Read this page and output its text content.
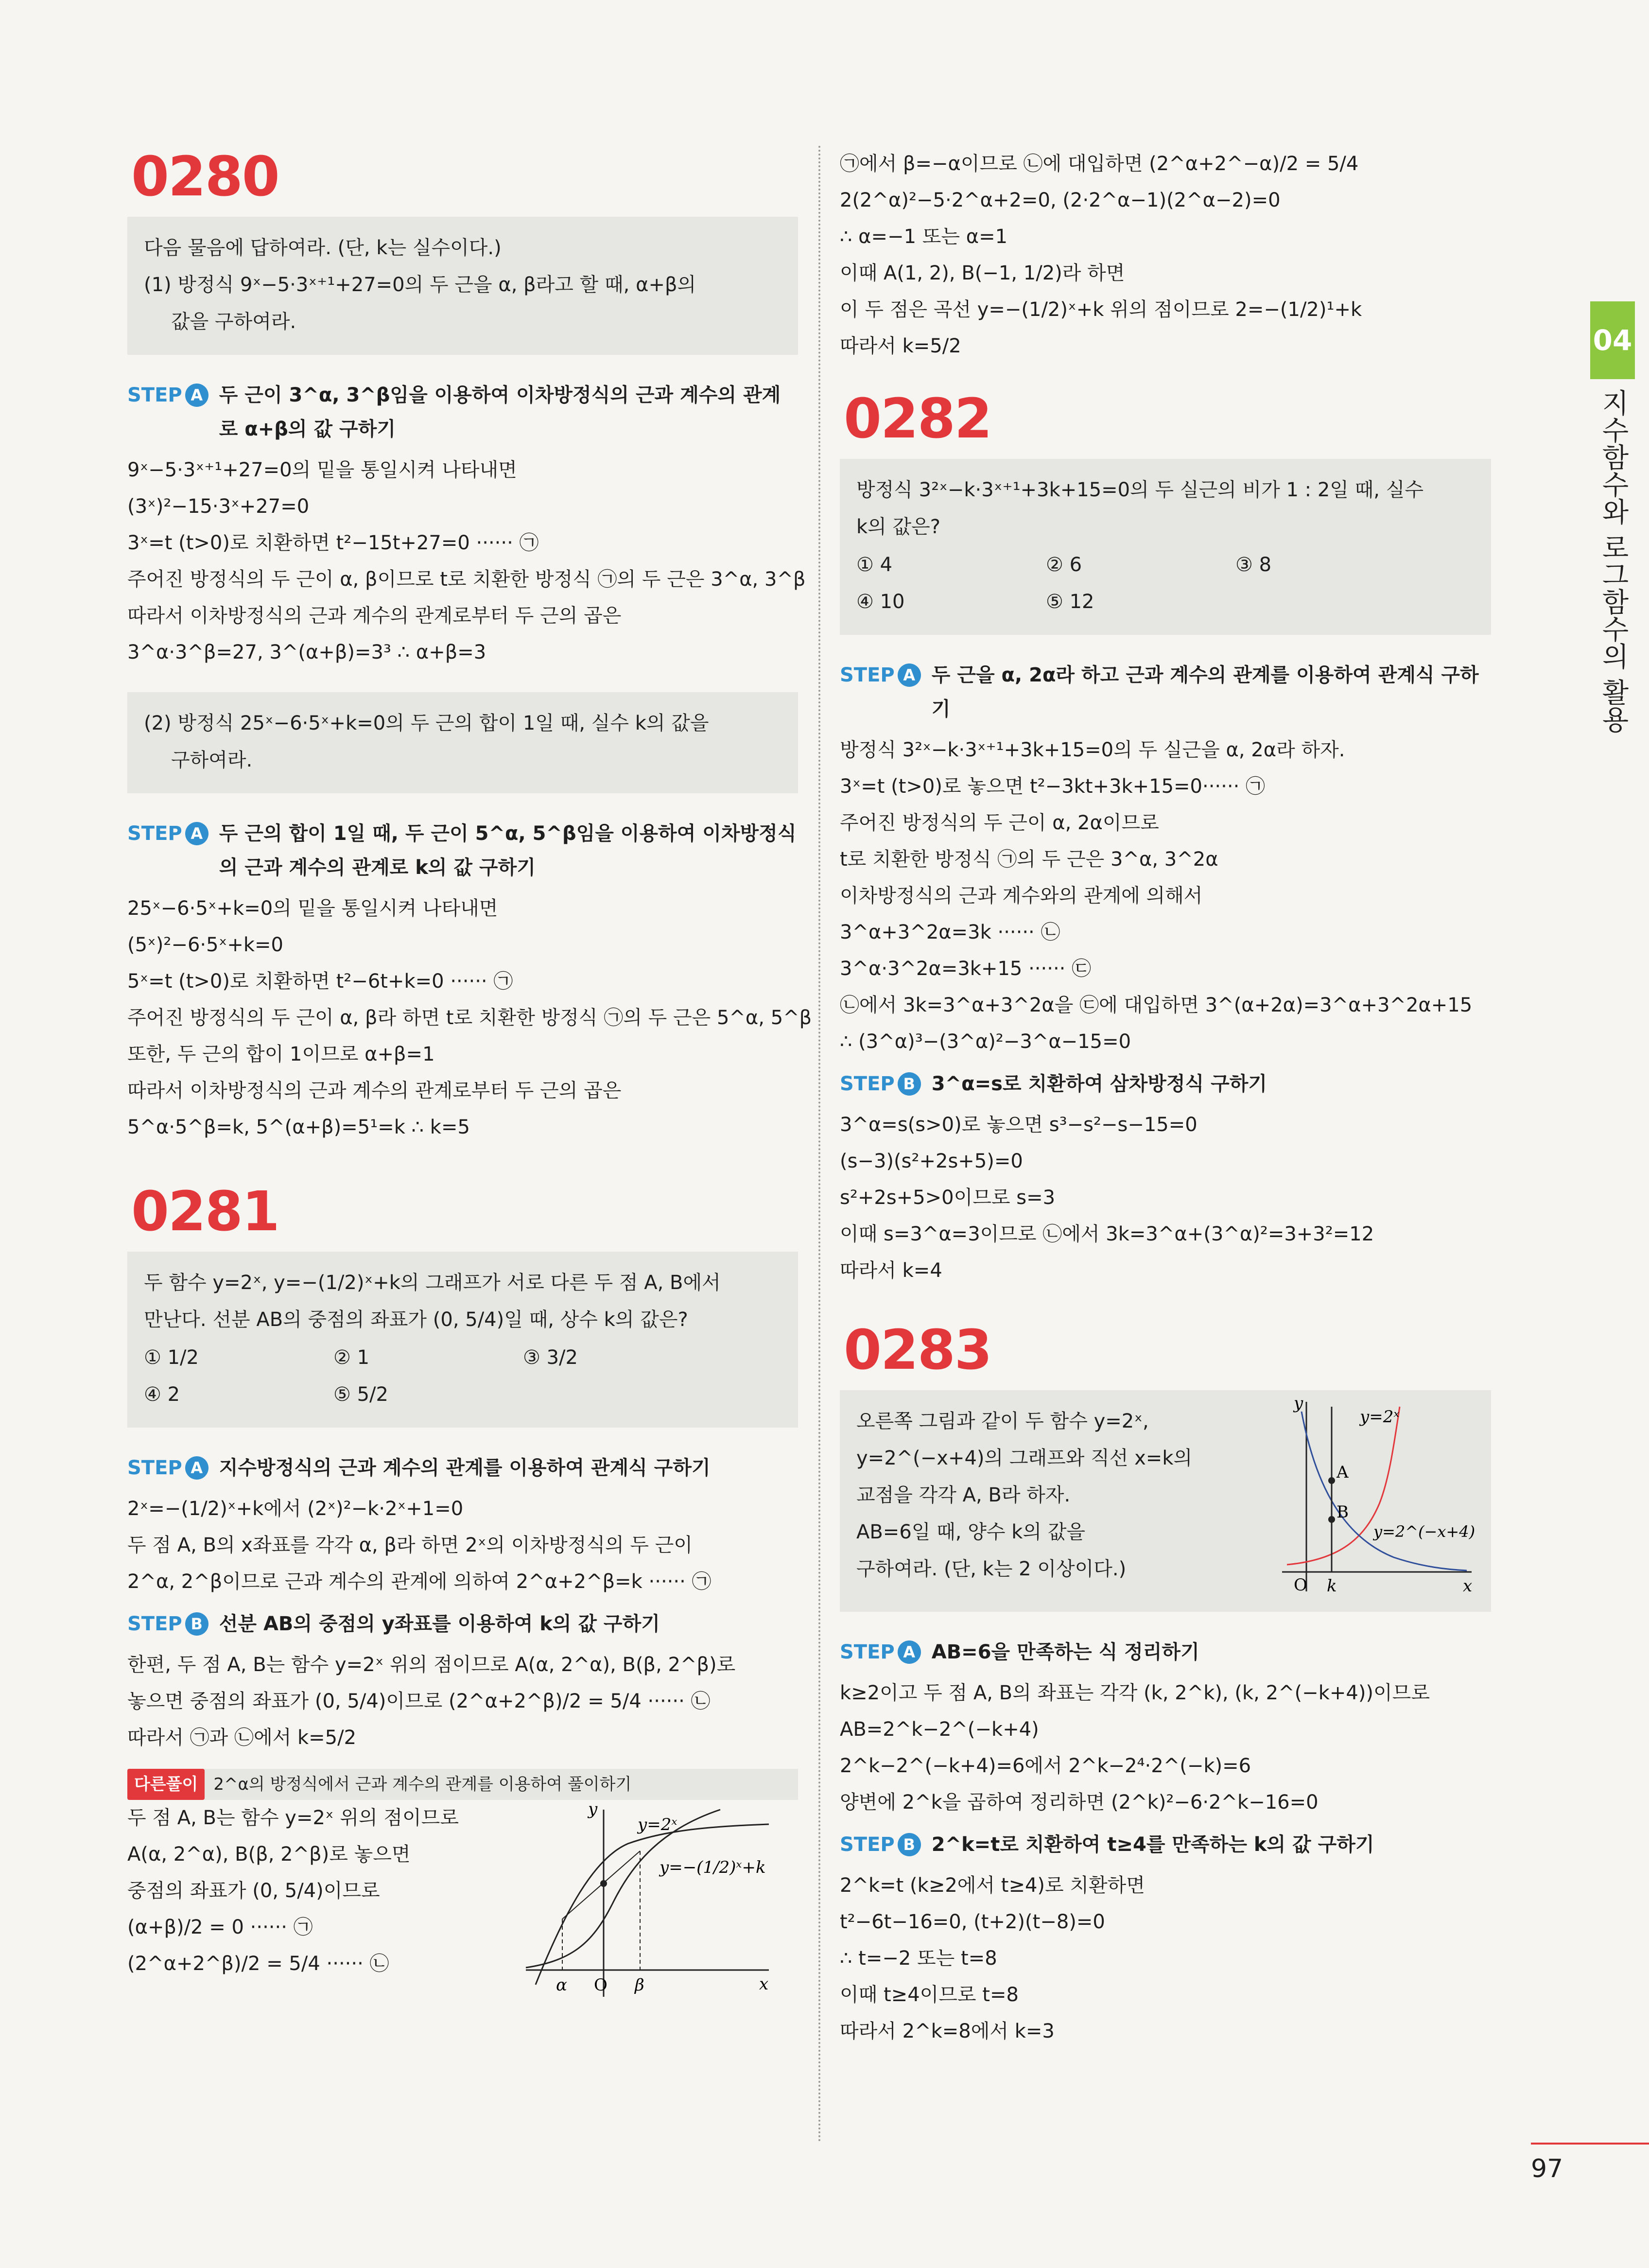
0280

다음 물음에 답하여라. (단, k는 실수이다.)

(1) 방정식 9ˣ−5·3ˣ⁺¹+27=0의 두 근을 α, β라고 할 때, α+β의

값을 구하여라.

STEP A 두 근이 3^α, 3^β임을 이용하여 이차방정식의 근과 계수의 관계로 α+β의 값 구하기

9ˣ−5·3ˣ⁺¹+27=0의 밑을 통일시켜 나타내면

(3ˣ)²−15·3ˣ+27=0

3ˣ=t (t>0)로 치환하면 t²−15t+27=0 ······ ㉠

주어진 방정식의 두 근이 α, β이므로 t로 치환한 방정식 ㉠의 두 근은 3^α, 3^β

따라서 이차방정식의 근과 계수의 관계로부터 두 근의 곱은

3^α·3^β=27, 3^(α+β)=3³ ∴ α+β=3

(2) 방정식 25ˣ−6·5ˣ+k=0의 두 근의 합이 1일 때, 실수 k의 값을

구하여라.

STEP A 두 근의 합이 1일 때, 두 근이 5^α, 5^β임을 이용하여 이차방정식의 근과 계수의 관계로 k의 값 구하기

25ˣ−6·5ˣ+k=0의 밑을 통일시켜 나타내면

(5ˣ)²−6·5ˣ+k=0

5ˣ=t (t>0)로 치환하면 t²−6t+k=0 ······ ㉠

주어진 방정식의 두 근이 α, β라 하면 t로 치환한 방정식 ㉠의 두 근은 5^α, 5^β

또한, 두 근의 합이 1이므로 α+β=1

따라서 이차방정식의 근과 계수의 관계로부터 두 근의 곱은

5^α·5^β=k, 5^(α+β)=5¹=k ∴ k=5

0281

두 함수 y=2ˣ, y=−(1/2)ˣ+k의 그래프가 서로 다른 두 점 A, B에서

만난다. 선분 AB의 중점의 좌표가 (0, 5/4)일 때, 상수 k의 값은?

① 1/2	② 1	③ 3/2
④ 2	⑤ 5/2
STEP A 지수방정식의 근과 계수의 관계를 이용하여 관계식 구하기

2ˣ=−(1/2)ˣ+k에서 (2ˣ)²−k·2ˣ+1=0

두 점 A, B의 x좌표를 각각 α, β라 하면 2ˣ의 이차방정식의 두 근이

2^α, 2^β이므로 근과 계수의 관계에 의하여 2^α+2^β=k ······ ㉠

STEP B 선분 AB의 중점의 y좌표를 이용하여 k의 값 구하기

한편, 두 점 A, B는 함수 y=2ˣ 위의 점이므로 A(α, 2^α), B(β, 2^β)로

놓으면 중점의 좌표가 (0, 5/4)이므로 (2^α+2^β)/2 = 5/4 ······ ㉡

따라서 ㉠과 ㉡에서 k=5/2

다른풀이 2^α의 방정식에서 근과 계수의 관계를 이용하여 풀이하기

두 점 A, B는 함수 y=2ˣ 위의 점이므로

A(α, 2^α), B(β, 2^β)로 놓으면

중점의 좌표가 (0, 5/4)이므로

(α+β)/2 = 0 ······ ㉠

(2^α+2^β)/2 = 5/4 ······ ㉡

y
x
O
α	β
y=2ˣ
y=−(1/2)ˣ+k

㉠에서 β=−α이므로 ㉡에 대입하면 (2^α+2^−α)/2 = 5/4

2(2^α)²−5·2^α+2=0, (2·2^α−1)(2^α−2)=0

∴ α=−1 또는 α=1

이때 A(1, 2), B(−1, 1/2)라 하면

이 두 점은 곡선 y=−(1/2)ˣ+k 위의 점이므로 2=−(1/2)¹+k

따라서 k=5/2

0282

방정식 3²ˣ−k·3ˣ⁺¹+3k+15=0의 두 실근의 비가 1 : 2일 때, 실수

k의 값은?

① 4	② 6	③ 8
④ 10	⑤ 12
STEP A 두 근을 α, 2α라 하고 근과 계수의 관계를 이용하여 관계식 구하기

방정식 3²ˣ−k·3ˣ⁺¹+3k+15=0의 두 실근을 α, 2α라 하자.

3ˣ=t (t>0)로 놓으면 t²−3kt+3k+15=0······ ㉠

주어진 방정식의 두 근이 α, 2α이므로

t로 치환한 방정식 ㉠의 두 근은 3^α, 3^2α

이차방정식의 근과 계수와의 관계에 의해서

3^α+3^2α=3k ······ ㉡

3^α·3^2α=3k+15 ······ ㉢

㉡에서 3k=3^α+3^2α을 ㉢에 대입하면 3^(α+2α)=3^α+3^2α+15

∴ (3^α)³−(3^α)²−3^α−15=0

STEP B 3^α=s로 치환하여 삼차방정식 구하기

3^α=s(s>0)로 놓으면 s³−s²−s−15=0

(s−3)(s²+2s+5)=0

s²+2s+5>0이므로 s=3

이때 s=3^α=3이므로 ㉡에서 3k=3^α+(3^α)²=3+3²=12

따라서 k=4

0283

오른쪽 그림과 같이 두 함수 y=2ˣ,

y=2^(−x+4)의 그래프와 직선 x=k의

교점을 각각 A, B라 하자.

AB=6일 때, 양수 k의 값을

구하여라. (단, k는 2 이상이다.)

y
x
O k
A
B
y=2ˣ
y=2^(−x+4)
STEP A AB=6을 만족하는 식 정리하기

k≥2이고 두 점 A, B의 좌표는 각각 (k, 2^k), (k, 2^(−k+4))이므로

AB=2^k−2^(−k+4)

2^k−2^(−k+4)=6에서 2^k−2⁴·2^(−k)=6

양변에 2^k을 곱하여 정리하면 (2^k)²−6·2^k−16=0

STEP B 2^k=t로 치환하여 t≥4를 만족하는 k의 값 구하기

2^k=t (k≥2에서 t≥4)로 치환하면

t²−6t−16=0, (t+2)(t−8)=0

∴ t=−2 또는 t=8

이때 t≥4이므로 t=8

따라서 2^k=8에서 k=3

04
지수함수와 로그함수의 활용
97
